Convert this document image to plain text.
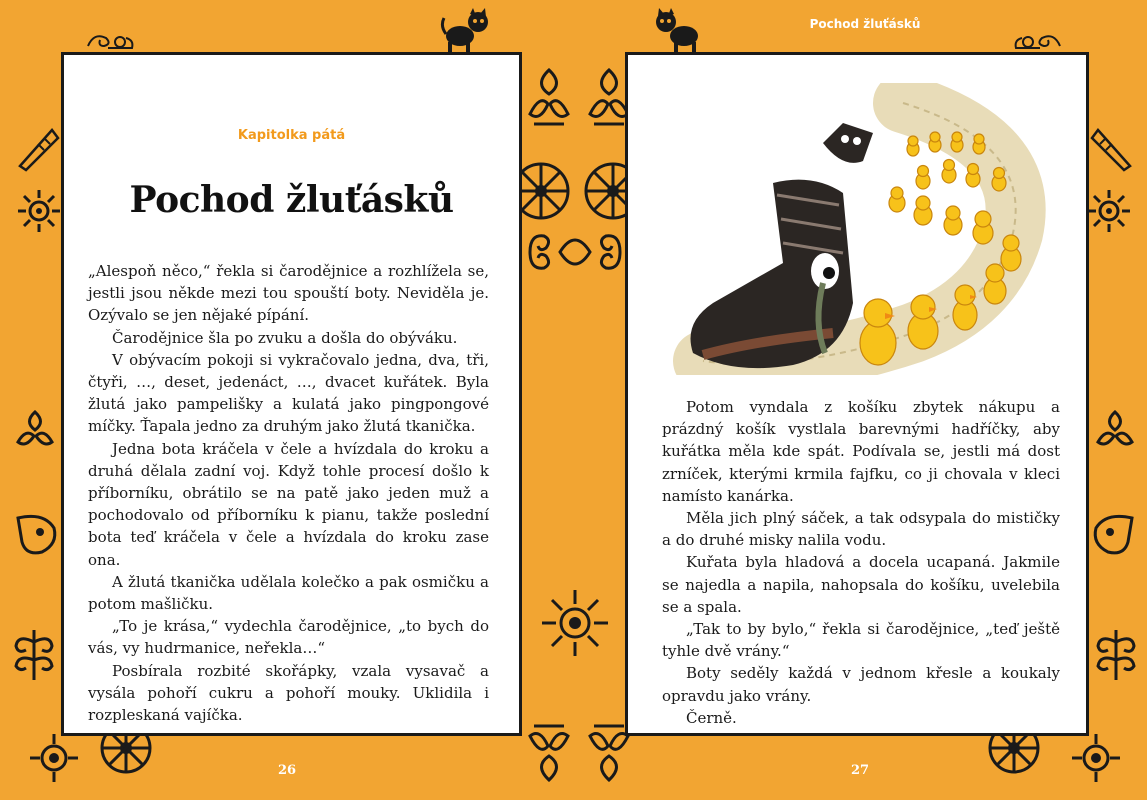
Pochod žluťásků
26	27
Kapitolka pátá
Pochod žluťásků

„Alespoň něco,“ řekla si čarodějnice a rozhlížela se, jestli jsou někde mezi tou spouští boty. Neviděla je. Ozývalo se jen nějaké pípání.

Čarodějnice šla po zvuku a došla do obýváku.

V obývacím pokoji si vykračovalo jedna, dva, tři, čtyři, …, deset, jedenáct, …, dvacet kuřátek. Byla žlutá jako pampelišky a kulatá jako pingpongové míčky. Ťapala jedno za druhým jako žlutá tkanička.

Jedna bota kráčela v čele a hvízdala do kroku a druhá dělala zadní voj. Když tohle procesí došlo k příborníku, obrátilo se na patě jako jeden muž a pochodovalo od příborníku k pianu, takže poslední bota teď kráčela v čele a hvízdala do kroku zase ona.

A žlutá tkanička udělala kolečko a pak osmičku a potom mašličku.

„To je krása,“ vydechla čarodějnice, „to bych do vás, vy hudrmanice, neřekla…“

Posbírala rozbité skořápky, vzala vysavač a vysála pohoří cukru a pohoří mouky. Uklidila i rozpleskaná vajíčka.

Potom vyndala z košíku zbytek nákupu a prázdný košík vystlala barevnými hadříčky, aby kuřátka měla kde spát. Podívala se, jestli má dost zrníček, kterými krmila fajfku, co ji chovala v kleci namísto kanárka.

Měla jich plný sáček, a tak odsypala do mističky a do druhé misky nalila vodu.

Kuřata byla hladová a docela ucapaná. Jakmile se najedla a napila, nahopsala do košíku, uvelebila se a spala.

„Tak to by bylo,“ řekla si čarodějnice, „teď ještě tyhle dvě vrány.“

Boty seděly každá v jednom křesle a koukaly opravdu jako vrány.

Černě.
